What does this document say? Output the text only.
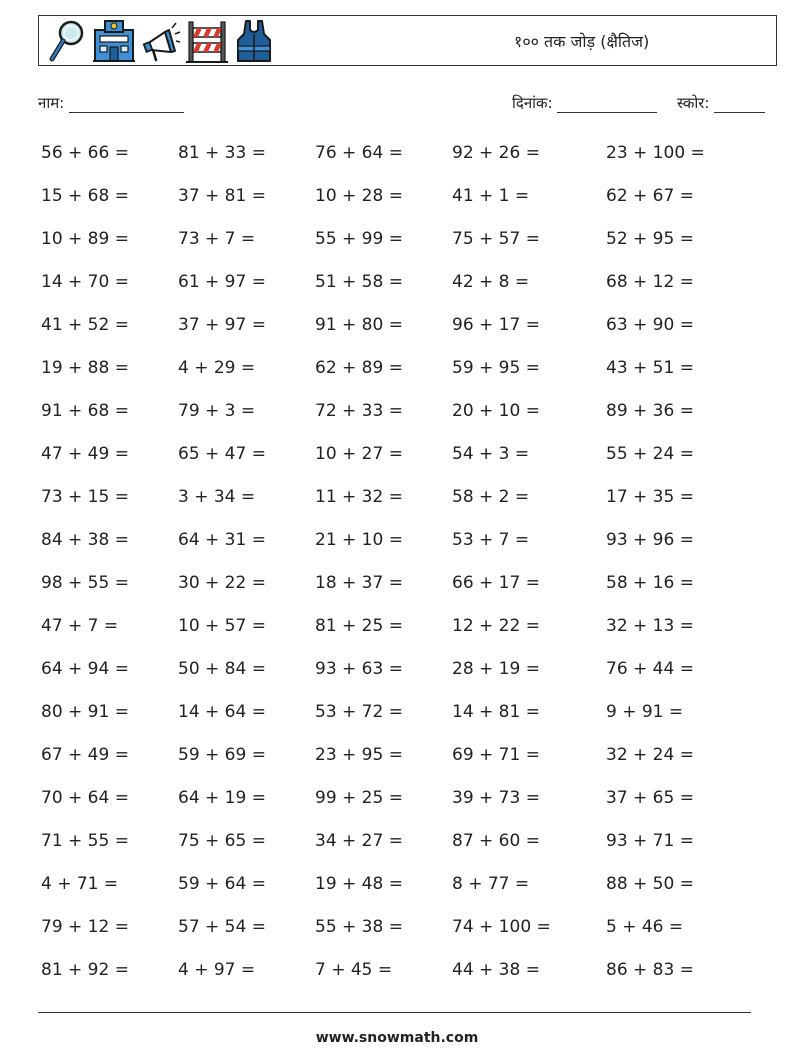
१०० तक जोड़ (क्षैतिज)
नाम:	दिनांक:	स्कोर:
56 + 66 =	81 + 33 =	76 + 64 =	92 + 26 =	23 + 100 =
15 + 68 =	37 + 81 =	10 + 28 =	41 + 1 =	62 + 67 =
10 + 89 =	73 + 7 =	55 + 99 =	75 + 57 =	52 + 95 =
14 + 70 =	61 + 97 =	51 + 58 =	42 + 8 =	68 + 12 =
41 + 52 =	37 + 97 =	91 + 80 =	96 + 17 =	63 + 90 =
19 + 88 =	4 + 29 =	62 + 89 =	59 + 95 =	43 + 51 =
91 + 68 =	79 + 3 =	72 + 33 =	20 + 10 =	89 + 36 =
47 + 49 =	65 + 47 =	10 + 27 =	54 + 3 =	55 + 24 =
73 + 15 =	3 + 34 =	11 + 32 =	58 + 2 =	17 + 35 =
84 + 38 =	64 + 31 =	21 + 10 =	53 + 7 =	93 + 96 =
98 + 55 =	30 + 22 =	18 + 37 =	66 + 17 =	58 + 16 =
47 + 7 =	10 + 57 =	81 + 25 =	12 + 22 =	32 + 13 =
64 + 94 =	50 + 84 =	93 + 63 =	28 + 19 =	76 + 44 =
80 + 91 =	14 + 64 =	53 + 72 =	14 + 81 =	9 + 91 =
67 + 49 =	59 + 69 =	23 + 95 =	69 + 71 =	32 + 24 =
70 + 64 =	64 + 19 =	99 + 25 =	39 + 73 =	37 + 65 =
71 + 55 =	75 + 65 =	34 + 27 =	87 + 60 =	93 + 71 =
4 + 71 =	59 + 64 =	19 + 48 =	8 + 77 =	88 + 50 =
79 + 12 =	57 + 54 =	55 + 38 =	74 + 100 =	5 + 46 =
81 + 92 =	4 + 97 =	7 + 45 =	44 + 38 =	86 + 83 =
www.snowmath.com
